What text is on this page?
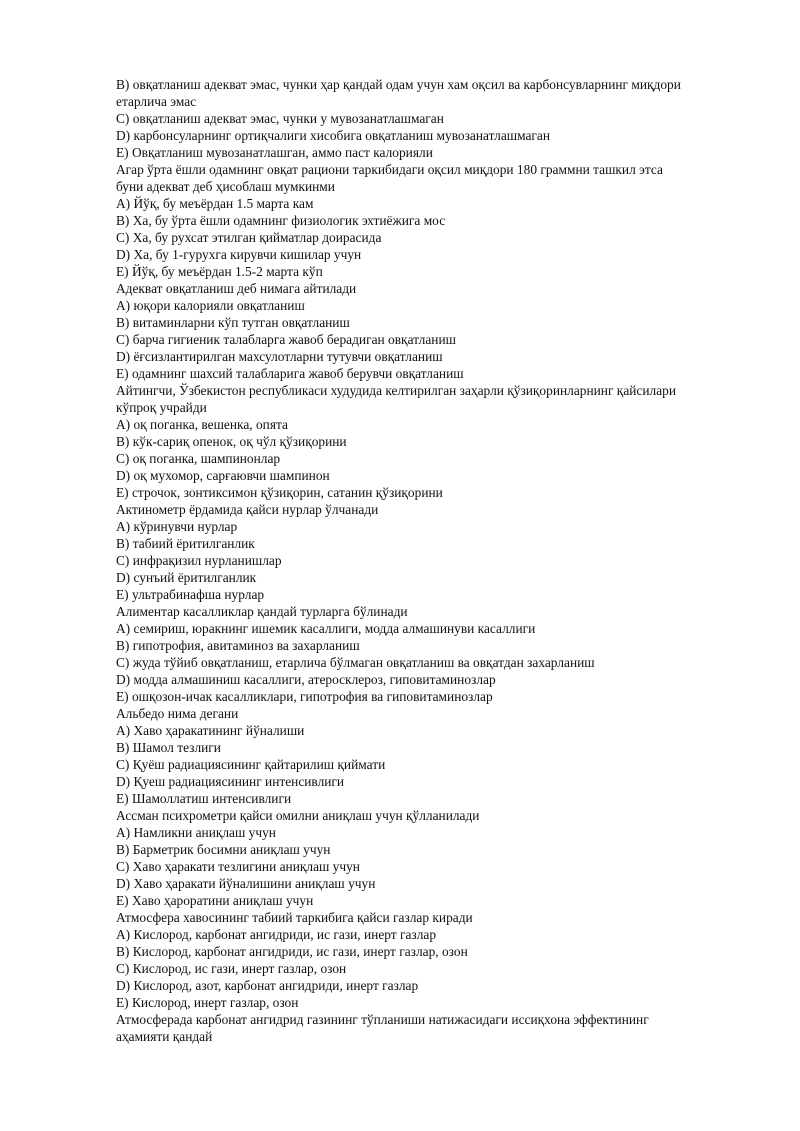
B) овқатланиш адекват эмас, чунки ҳар қандай одам учун хам оқсил ва карбонсувларнинг миқдори
етарлича эмас
C) овқатланиш адекват эмас, чунки у мувозанатлашмаган
D) карбонсуларнинг ортиқчалиги хисобига овқатланиш мувозанатлашмаган
E) Овқатланиш мувозанатлашган, аммо паст калорияли
Агар ўрта ёшли одамнинг овқат рациони таркибидаги оқсил миқдори 180 граммни ташкил этса
буни адекват деб ҳисоблаш мумкинми
A) Йўқ, бу меъёрдан 1.5 марта кам
B) Ха, бу ўрта ёшли одамнинг физиологик эхтиёжига мос
C) Ха, бу рухсат этилган қийматлар доирасида
D) Ха, бу 1-гурухга кирувчи кишилар учун
E) Йўқ, бу меъёрдан 1.5-2 марта кўп
Адекват овқатланиш деб нимага айтилади
A) юқори калорияли овқатланиш
B) витаминларни кўп тутган овқатланиш
C) барча гигиеник талабларга жавоб берадиган овқатланиш
D) ёғсизлантирилган махсулотларни тутувчи овқатланиш
E) одамнинг шахсий талабларига жавоб берувчи овқатланиш
Айтингчи, Ўзбекистон республикаси худудида келтирилган заҳарли қўзиқоринларнинг қайсилари
кўпроқ учрайди
A) оқ поганка, вешенка, опята
B) кўк-сариқ опенок, оқ чўл қўзиқорини
C) оқ поганка, шампинонлар
D) оқ мухомор, сарғаювчи шампинон
E) строчок, зонтиксимон қўзиқорин, сатанин қўзиқорини
Актинометр ёрдамида қайси нурлар ўлчанади
A) кўринувчи нурлар
B) табиий ёритилганлик
C) инфрақизил нурланишлар
D) сунъий ёритилганлик
E) ультрабинафша нурлар
Алиментар касалликлар қандай турларга бўлинади
A) семириш, юракнинг ишемик касаллиги, модда алмашинуви касаллиги
B) гипотрофия, авитаминоз ва захарланиш
C) жуда тўйиб овқатланиш, етарлича бўлмаган овқатланиш ва овқатдан захарланиш
D) модда алмашиниш касаллиги, атеросклероз, гиповитаминозлар
E) ошқозон-ичак касалликлари, гипотрофия ва гиповитаминозлар
Альбедо нима дегани
A) Хаво ҳаракатининг йўналиши
B) Шамол тезлиги
C) Қуёш радиациясининг қайтарилиш қиймати
D) Қуеш радиациясининг интенсивлиги
E) Шамоллатиш интенсивлиги
Ассман психрометри қайси омилни аниқлаш учун қўлланилади
A) Намликни аниқлаш учун
B) Барметрик босимни аниқлаш учун
C) Хаво ҳаракати тезлигини аниқлаш учун
D) Хаво ҳаракати йўналишини аниқлаш учун
E) Хаво ҳароратини аниқлаш учун
Атмосфера хавосининг табиий таркибига қайси газлар киради
A) Кислород, карбонат ангидриди, ис гази, инерт газлар
B) Кислород, карбонат ангидриди, ис гази, инерт газлар, озон
C) Кислород, ис гази, инерт газлар, озон
D) Кислород, азот, карбонат ангидриди, инерт газлар
E) Кислород, инерт газлар, озон
Атмосферада карбонат ангидрид газининг тўпланиши натижасидаги иссиқхона эффектининг
аҳамияти қандай
